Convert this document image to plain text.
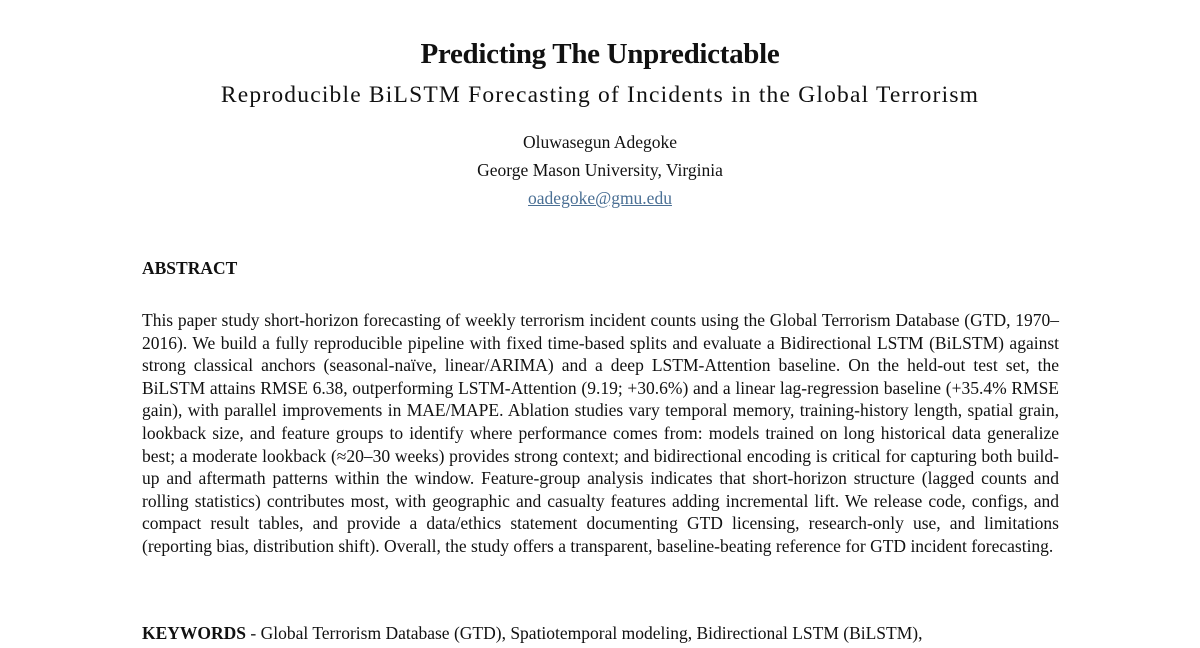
Predicting The Unpredictable
Reproducible BiLSTM Forecasting of Incidents in the Global Terrorism
Oluwasegun Adegoke
George Mason University, Virginia
oadegoke@gmu.edu
ABSTRACT
This paper study short-horizon forecasting of weekly terrorism incident counts using the Global Terrorism Database (GTD, 1970–2016). We build a fully reproducible pipeline with fixed time-based splits and evaluate a Bidirectional LSTM (BiLSTM) against strong classical anchors (seasonal-naïve, linear/ARIMA) and a deep LSTM-Attention baseline. On the held-out test set, the BiLSTM attains RMSE 6.38, outperforming LSTM-Attention (9.19; +30.6%) and a linear lag-regression baseline (+35.4% RMSE gain), with parallel improvements in MAE/MAPE. Ablation studies vary temporal memory, training-history length, spatial grain, lookback size, and feature groups to identify where performance comes from: models trained on long historical data generalize best; a moderate lookback (≈20–30 weeks) provides strong context; and bidirectional encoding is critical for capturing both build-up and aftermath patterns within the window. Feature-group analysis indicates that short-horizon structure (lagged counts and rolling statistics) contributes most, with geographic and casualty features adding incremental lift. We release code, configs, and compact result tables, and provide a data/ethics statement documenting GTD licensing, research-only use, and limitations (reporting bias, distribution shift). Overall, the study offers a transparent, baseline-beating reference for GTD incident forecasting.
KEYWORDS - Global Terrorism Database (GTD), Spatiotemporal modeling, Bidirectional LSTM (BiLSTM),
